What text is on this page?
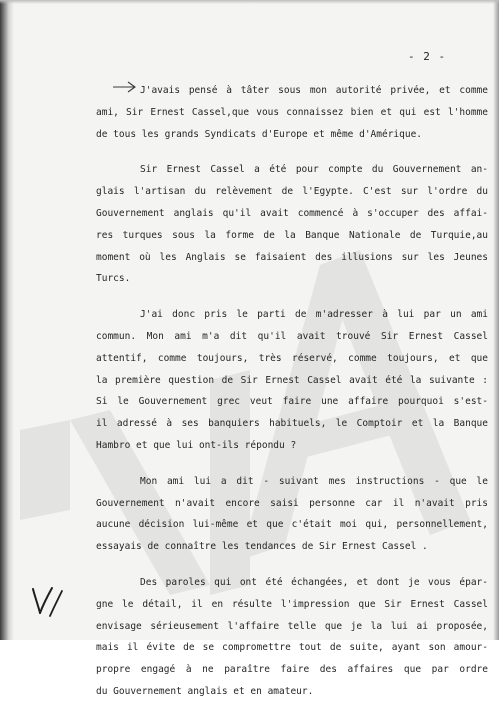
- 2 -
J'avais pensé à tâter sous mon autorité privée, et comme
ami, Sir Ernest Cassel,que vous connaissez bien et qui est l'homme
de tous les grands Syndicats d'Europe et même d'Amérique.
Sir Ernest Cassel a été pour compte du Gouvernement an-
glais l'artisan du relèvement de l'Egypte. C'est sur l'ordre du
Gouvernement anglais qu'il avait commencé à s'occuper des affai-
res turques sous la forme de la Banque Nationale de Turquie,au
moment où les Anglais se faisaient des illusions sur les Jeunes
Turcs.
J'ai donc pris le parti de m'adresser à lui par un ami
commun. Mon ami m'a dit qu'il avait trouvé Sir Ernest Cassel
attentif, comme toujours, très réservé, comme toujours, et que
la première question de Sir Ernest Cassel avait été la suivante :
Si le Gouvernement grec veut faire une affaire pourquoi s'est-
il adressé à ses banquiers habituels, le Comptoir et la Banque
Hambro et que lui ont-ils répondu ?
Mon ami lui a dit - suivant mes instructions - que le
Gouvernement n'avait encore saisi personne car il n'avait pris
aucune décision lui-même et que c'était moi qui, personnellement,
essayais de connaître les tendances de Sir Ernest Cassel .
Des paroles qui ont été échangées, et dont je vous épar-
gne le détail, il en résulte l'impression que Sir Ernest Cassel
envisage sérieusement l'affaire telle que je la lui ai proposée,
mais il évite de se compromettre tout de suite, ayant son amour-
propre engagé à ne paraître faire des affaires que par ordre
du Gouvernement anglais et en amateur.
